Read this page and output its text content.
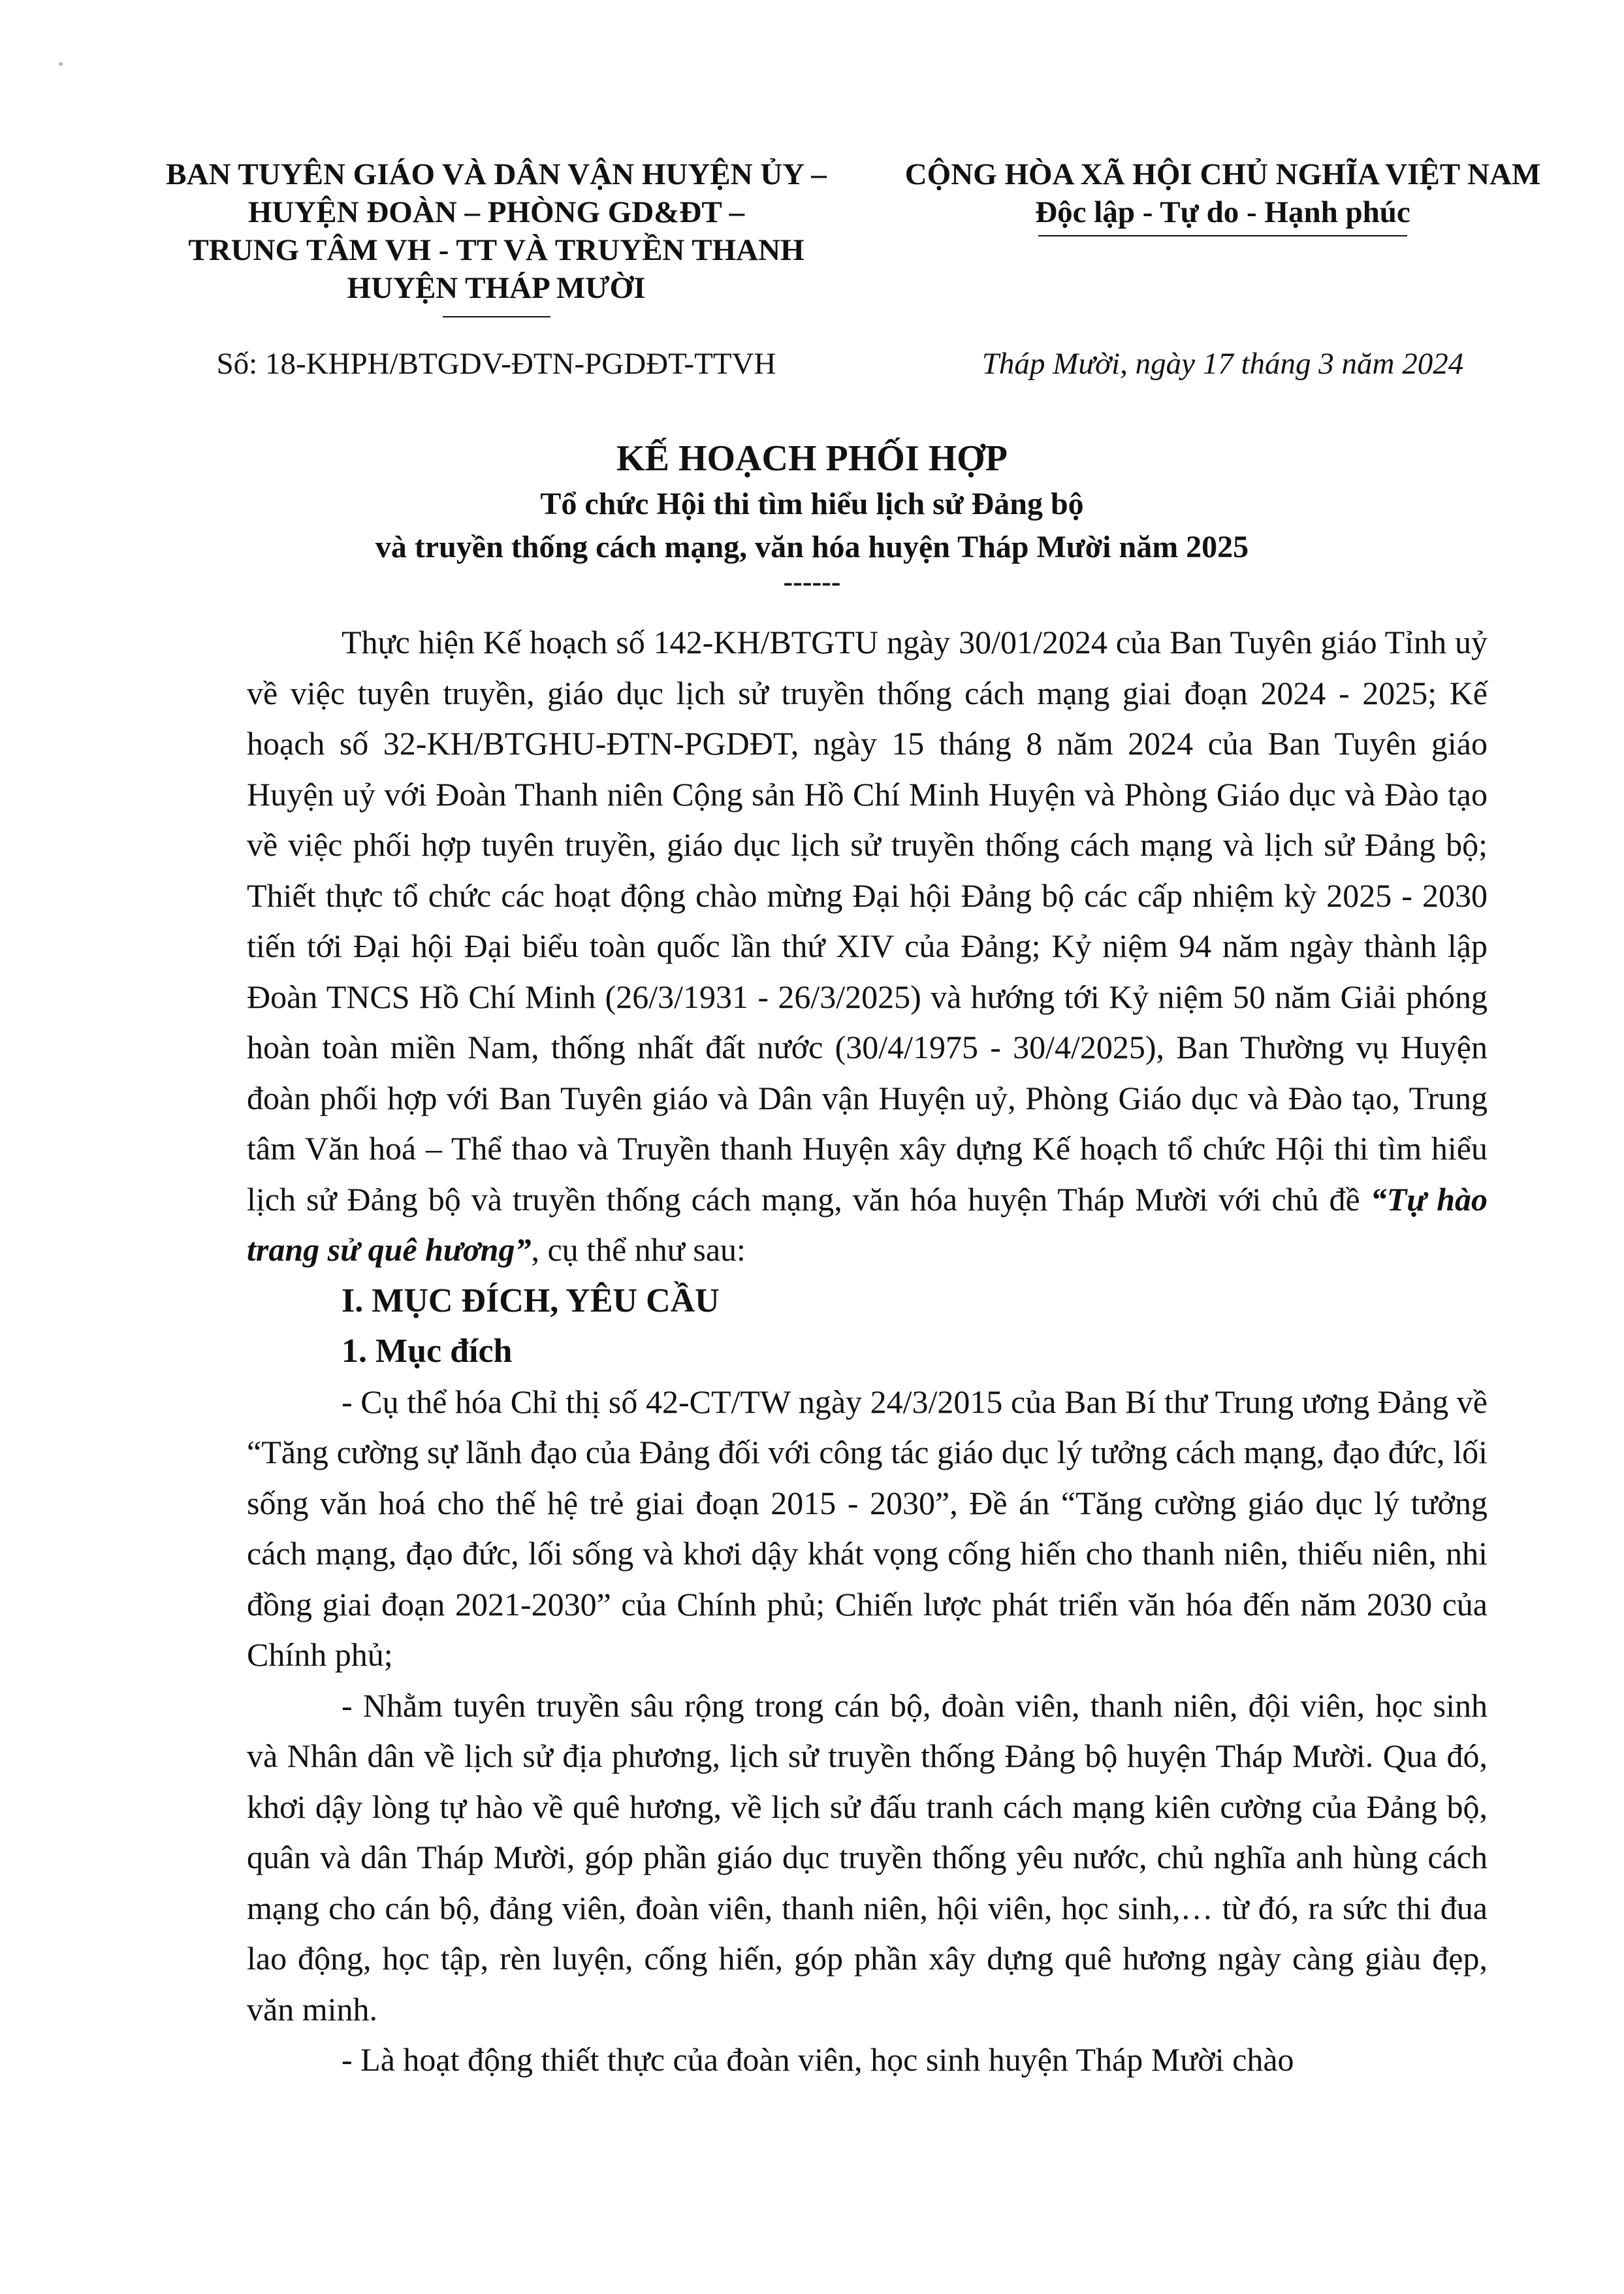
BAN TUYÊN GIÁO VÀ DÂN VẬN HUYỆN ỦY –
HUYỆN ĐOÀN – PHÒNG GD&ĐT –
TRUNG TÂM VH - TT VÀ TRUYỀN THANH
HUYỆN THÁP MƯỜI
CỘNG HÒA XÃ HỘI CHỦ NGHĨA VIỆT NAM
Độc lập - Tự do - Hạnh phúc
Số: 18-KHPH/BTGDV-ĐTN-PGDĐT-TTVH	Tháp Mười, ngày 17 tháng 3 năm 2024
KẾ HOẠCH PHỐI HỢP
Tổ chức Hội thi tìm hiểu lịch sử Đảng bộ
và truyền thống cách mạng, văn hóa huyện Tháp Mười năm 2025
------

Thực hiện Kế hoạch số 142-KH/BTGTU ngày 30/01/2024 của Ban Tuyên giáo Tỉnh uỷ về việc tuyên truyền, giáo dục lịch sử truyền thống cách mạng giai đoạn 2024 - 2025; Kế hoạch số 32-KH/BTGHU-ĐTN-PGDĐT, ngày 15 tháng 8 năm 2024 của Ban Tuyên giáo Huyện uỷ với Đoàn Thanh niên Cộng sản Hồ Chí Minh Huyện và Phòng Giáo dục và Đào tạo về việc phối hợp tuyên truyền, giáo dục lịch sử truyền thống cách mạng và lịch sử Đảng bộ; Thiết thực tổ chức các hoạt động chào mừng Đại hội Đảng bộ các cấp nhiệm kỳ 2025 - 2030 tiến tới Đại hội Đại biểu toàn quốc lần thứ XIV của Đảng; Kỷ niệm 94 năm ngày thành lập Đoàn TNCS Hồ Chí Minh (26/3/1931 - 26/3/2025) và hướng tới Kỷ niệm 50 năm Giải phóng hoàn toàn miền Nam, thống nhất đất nước (30/4/1975 - 30/4/2025), Ban Thường vụ Huyện đoàn phối hợp với Ban Tuyên giáo và Dân vận Huyện uỷ, Phòng Giáo dục và Đào tạo, Trung tâm Văn hoá – Thể thao và Truyền thanh Huyện xây dựng Kế hoạch tổ chức Hội thi tìm hiểu lịch sử Đảng bộ và truyền thống cách mạng, văn hóa huyện Tháp Mười với chủ đề “Tự hào trang sử quê hương”, cụ thể như sau:

I. MỤC ĐÍCH, YÊU CẦU

1. Mục đích

- Cụ thể hóa Chỉ thị số 42-CT/TW ngày 24/3/2015 của Ban Bí thư Trung ương Đảng về “Tăng cường sự lãnh đạo của Đảng đối với công tác giáo dục lý tưởng cách mạng, đạo đức, lối sống văn hoá cho thế hệ trẻ giai đoạn 2015 - 2030”, Đề án “Tăng cường giáo dục lý tưởng cách mạng, đạo đức, lối sống và khơi dậy khát vọng cống hiến cho thanh niên, thiếu niên, nhi đồng giai đoạn 2021-2030” của Chính phủ; Chiến lược phát triển văn hóa đến năm 2030 của Chính phủ;

- Nhằm tuyên truyền sâu rộng trong cán bộ, đoàn viên, thanh niên, đội viên, học sinh và Nhân dân về lịch sử địa phương, lịch sử truyền thống Đảng bộ huyện Tháp Mười. Qua đó, khơi dậy lòng tự hào về quê hương, về lịch sử đấu tranh cách mạng kiên cường của Đảng bộ, quân và dân Tháp Mười, góp phần giáo dục truyền thống yêu nước, chủ nghĩa anh hùng cách mạng cho cán bộ, đảng viên, đoàn viên, thanh niên, hội viên, học sinh,… từ đó, ra sức thi đua lao động, học tập, rèn luyện, cống hiến, góp phần xây dựng quê hương ngày càng giàu đẹp, văn minh.

- Là hoạt động thiết thực của đoàn viên, học sinh huyện Tháp Mười chào
